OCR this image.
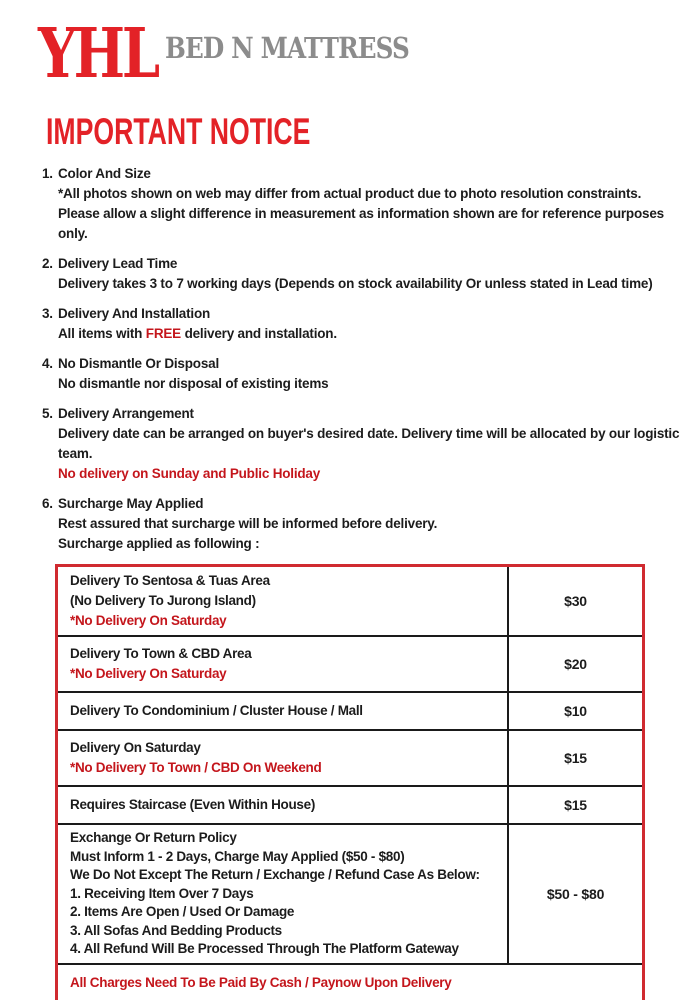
YHL BED N MATTRESS
IMPORTANT NOTICE
1. Color And Size
*All photos shown on web may differ from actual product due to photo resolution constraints.
Please allow a slight difference in measurement as information shown are for reference purposes
only.
2. Delivery Lead Time
Delivery takes 3 to 7 working days (Depends on stock availability Or unless stated in Lead time)
3. Delivery And Installation
All items with FREE delivery and installation.
4. No Dismantle Or Disposal
No dismantle nor disposal of existing items
5. Delivery Arrangement
Delivery date can be arranged on buyer's desired date. Delivery time will be allocated by our logistic
team.
No delivery on Sunday and Public Holiday
6. Surcharge May Applied
Rest assured that surcharge will be informed before delivery.
Surcharge applied as following :
Delivery To Sentosa & Tuas Area
(No Delivery To Jurong Island)
*No Delivery On Saturday
$30
Delivery To Town & CBD Area
*No Delivery On Saturday
$20
Delivery To Condominium / Cluster House / Mall	$10
Delivery On Saturday
*No Delivery To Town / CBD On Weekend
$15
Requires Staircase (Even Within House)	$15
Exchange Or Return Policy
Must Inform 1 - 2 Days, Charge May Applied ($50 - $80)
We Do Not Except The Return / Exchange / Refund Case As Below:
1. Receiving Item Over 7 Days
2. Items Are Open / Used Or Damage
3. All Sofas And Bedding Products
4. All Refund Will Be Processed Through The Platform Gateway
$50 - $80
All Charges Need To Be Paid By Cash / Paynow Upon Delivery
